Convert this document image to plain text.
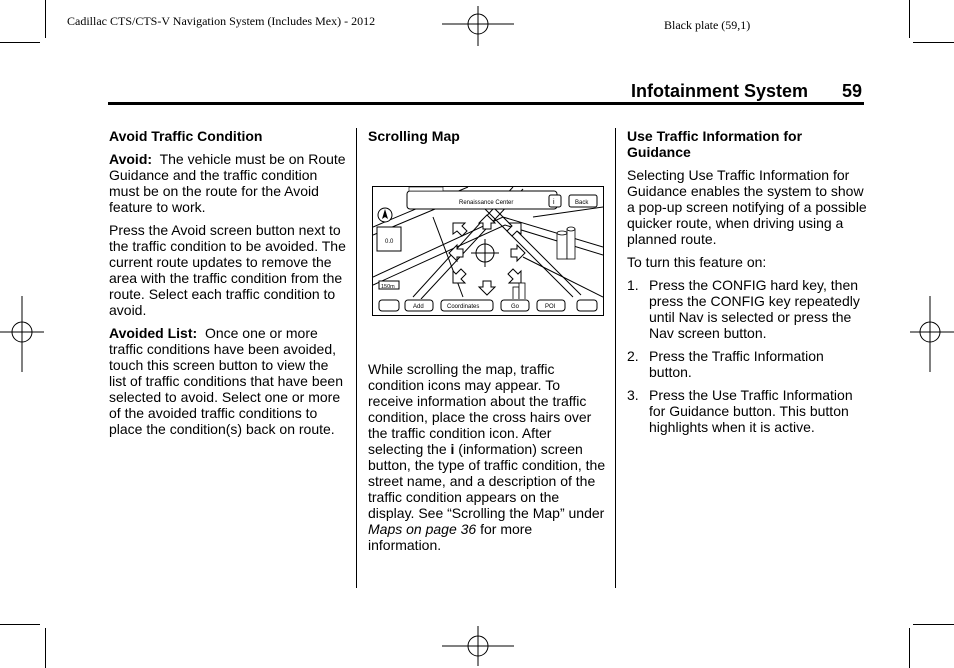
Cadillac CTS/CTS-V Navigation System (Includes Mex) - 2012	Black plate (59,1)
Infotainment System 59
Avoid Traffic Condition

Avoid: The vehicle must be on Route Guidance and the traffic condition must be on the route for the Avoid feature to work.

Press the Avoid screen button next to the traffic condition to be avoided. The current route updates to remove the area with the traffic condition from the route. Select each traffic condition to avoid.

Avoided List: Once one or more traffic conditions have been avoided, touch this screen button to view the list of traffic conditions that have been selected to avoid. Select one or more of the avoided traffic conditions to place the condition(s) back on route.

Scrolling Map
Renaissance Center	i	Back
0.0
150m
Add	Coordinates	Go	POI

While scrolling the map, traffic condition icons may appear. To receive information about the traffic condition, place the cross hairs over the traffic condition icon. After selecting the i (information) screen button, the type of traffic condition, the street name, and a description of the traffic condition appears on the display. See “Scrolling the Map” under Maps on page 36 for more information.

Use Traffic Information for Guidance

Selecting Use Traffic Information for Guidance enables the system to show a pop-up screen notifying of a possible quicker route, when driving using a planned route.

To turn this feature on:

1. Press the CONFIG hard key, then press the CONFIG key repeatedly until Nav is selected or press the Nav screen button.
2. Press the Traffic Information button.
3. Press the Use Traffic Information for Guidance button. This button highlights when it is active.
